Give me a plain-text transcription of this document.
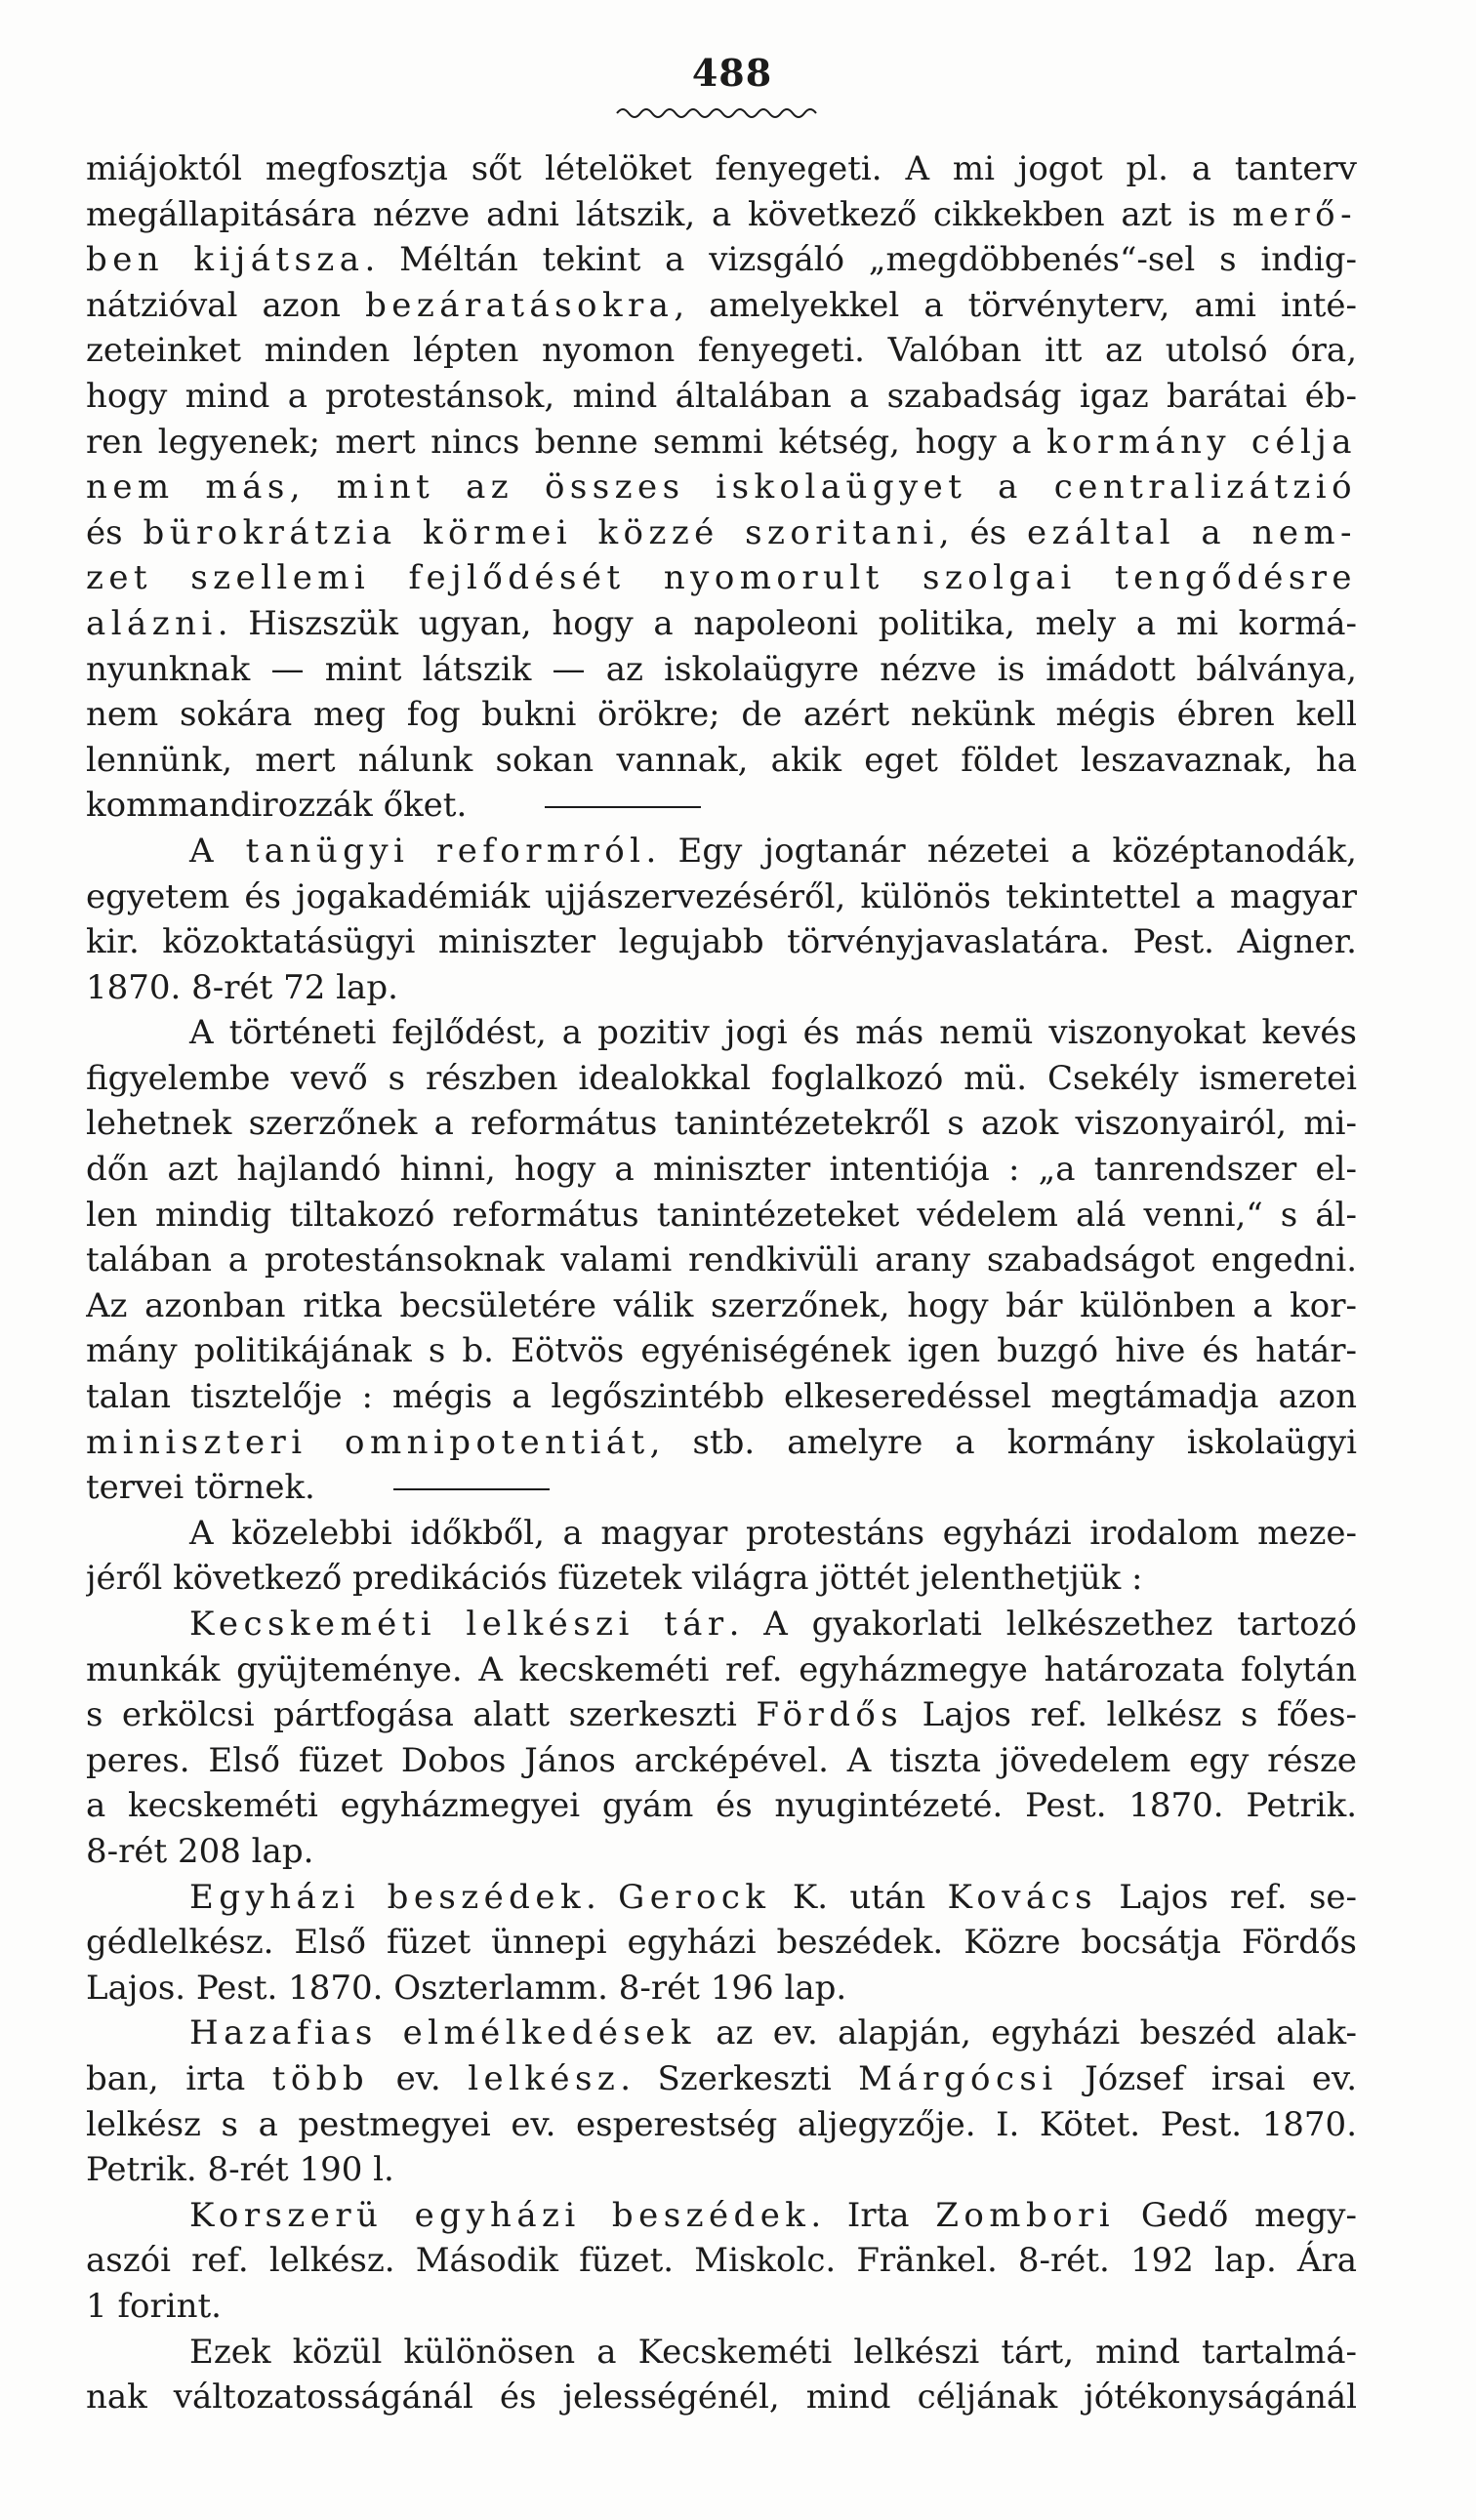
488
miájoktól megfosztja sőt lételöket fenyegeti. A mi jogot pl. a tanterv
megállapitására nézve adni látszik, a következő cikkekben azt is merő-
ben kijátsza. Méltán tekint a vizsgáló „megdöbbenés“-sel s indig-
nátzióval azon bezáratásokra, amelyekkel a törvényterv, ami inté-
zeteinket minden lépten nyomon fenyegeti. Valóban itt az utolsó óra,
hogy mind a protestánsok, mind általában a szabadság igaz barátai éb-
ren legyenek; mert nincs benne semmi kétség, hogy a kormány célja
nem más, mint az összes iskolaügyet a centralizátzió
és bürokrátzia körmei közzé szoritani, és ezáltal a nem-
zet szellemi fejlődését nyomorult szolgai tengődésre
alázni. Hiszszük ugyan, hogy a napoleoni politika, mely a mi kormá-
nyunknak — mint látszik — az iskolaügyre nézve is imádott bálványa,
nem sokára meg fog bukni örökre; de azért nekünk mégis ébren kell
lennünk, mert nálunk sokan vannak, akik eget földet leszavaznak, ha
kommandirozzák őket.
A tanügyi reformról. Egy jogtanár nézetei a középtanodák,
egyetem és jogakadémiák ujjászervezéséről, különös tekintettel a magyar
kir. közoktatásügyi miniszter legujabb törvényjavaslatára. Pest. Aigner.
1870. 8-rét 72 lap.
A történeti fejlődést, a pozitiv jogi és más nemü viszonyokat kevés
figyelembe vevő s részben idealokkal foglalkozó mü. Csekély ismeretei
lehetnek szerzőnek a református tanintézetekről s azok viszonyairól, mi-
dőn azt hajlandó hinni, hogy a miniszter intentiója : „a tanrendszer el-
len mindig tiltakozó református tanintézeteket védelem alá venni,“ s ál-
talában a protestánsoknak valami rendkivüli arany szabadságot engedni.
Az azonban ritka becsületére válik szerzőnek, hogy bár különben a kor-
mány politikájának s b. Eötvös egyéniségének igen buzgó hive és határ-
talan tisztelője : mégis a legőszintébb elkeseredéssel megtámadja azon
miniszteri omnipotentiát, stb. amelyre a kormány iskolaügyi
tervei törnek.
A közelebbi időkből, a magyar protestáns egyházi irodalom meze-
jéről következő predikációs füzetek világra jöttét jelenthetjük :
Kecskeméti lelkészi tár. A gyakorlati lelkészethez tartozó
munkák gyüjteménye. A kecskeméti ref. egyházmegye határozata folytán
s erkölcsi pártfogása alatt szerkeszti Fördős Lajos ref. lelkész s főes-
peres. Első füzet Dobos János arcképével. A tiszta jövedelem egy része
a kecskeméti egyházmegyei gyám és nyugintézeté. Pest. 1870. Petrik.
8-rét 208 lap.
Egyházi beszédek. Gerock K. után Kovács Lajos ref. se-
gédlelkész. Első füzet ünnepi egyházi beszédek. Közre bocsátja Fördős
Lajos. Pest. 1870. Oszterlamm. 8-rét 196 lap.
Hazafias elmélkedések az ev. alapján, egyházi beszéd alak-
ban, irta több ev. lelkész. Szerkeszti Márgócsi József irsai ev.
lelkész s a pestmegyei ev. esperestség aljegyzője. I. Kötet. Pest. 1870.
Petrik. 8-rét 190 l.
Korszerü egyházi beszédek. Irta Zombori Gedő megy-
aszói ref. lelkész. Második füzet. Miskolc. Fränkel. 8-rét. 192 lap. Ára
1 forint.
Ezek közül különösen a Kecskeméti lelkészi tárt, mind tartalmá-
nak változatosságánál és jelességénél, mind céljának jótékonyságánál
